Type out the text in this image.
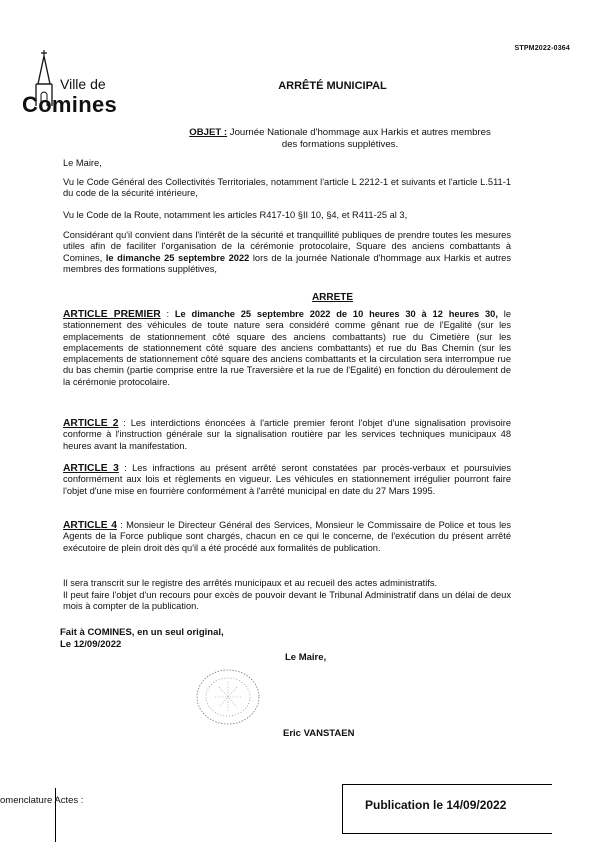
STPM2022-0364
Ville de
Comines
ARRÊTÉ MUNICIPAL
OBJET : Journée Nationale d'hommage aux Harkis et autres membres
des formations supplétives.
Le Maire,
Vu le Code Général des Collectivités Territoriales, notamment l'article L 2212-1 et suivants et l'article L.511-1 du code de la sécurité intérieure,
Vu le Code de la Route, notamment les articles R417-10 §II 10, §4, et R411-25 al 3,
Considérant qu'il convient dans l'intérêt de la sécurité et tranquillité publiques de prendre toutes les mesures utiles afin de faciliter l'organisation de la cérémonie protocolaire, Square des anciens combattants à Comines, le dimanche 25 septembre 2022 lors de la journée Nationale d'hommage aux Harkis et autres membres des formations supplétives,
ARRETE
ARTICLE PREMIER : Le dimanche 25 septembre 2022 de 10 heures 30 à 12 heures 30, le stationnement des véhicules de toute nature sera considéré comme gênant rue de l'Egalité (sur les emplacements de stationnement côté square des anciens combattants) rue du Cimetière (sur les emplacements de stationnement côté square des anciens combattants) et rue du Bas Chemin (sur les emplacements de stationnement côté square des anciens combattants et la circulation sera interrompue rue du bas chemin (partie comprise entre la rue Traversière et la rue de l'Egalité) en fonction du déroulement de la cérémonie protocolaire.
ARTICLE 2 : Les interdictions énoncées à l'article premier feront l'objet d'une signalisation provisoire conforme à l'instruction générale sur la signalisation routière par les services techniques municipaux 48 heures avant la manifestation.
ARTICLE 3 : Les infractions au présent arrêté seront constatées par procès-verbaux et poursuivies conformément aux lois et règlements en vigueur. Les véhicules en stationnement irrégulier pourront faire l'objet d'une mise en fourrière conformément à l'arrêté municipal en date du 27 Mars 1995.
ARTICLE 4 : Monsieur le Directeur Général des Services, Monsieur le Commissaire de Police et tous les Agents de la Force publique sont chargés, chacun en ce qui le concerne, de l'exécution du présent arrêté exécutoire de plein droit dès qu'il a été procédé aux formalités de publication.
Il sera transcrit sur le registre des arrêtés municipaux et au recueil des actes administratifs.
Il peut faire l'objet d'un recours pour excès de pouvoir devant le Tribunal Administratif dans un délai de deux mois à compter de la publication.
Fait à COMINES, en un seul original,
Le 12/09/2022
Le Maire,
Eric VANSTAEN
omenclature Actes :	Publication le 14/09/2022
